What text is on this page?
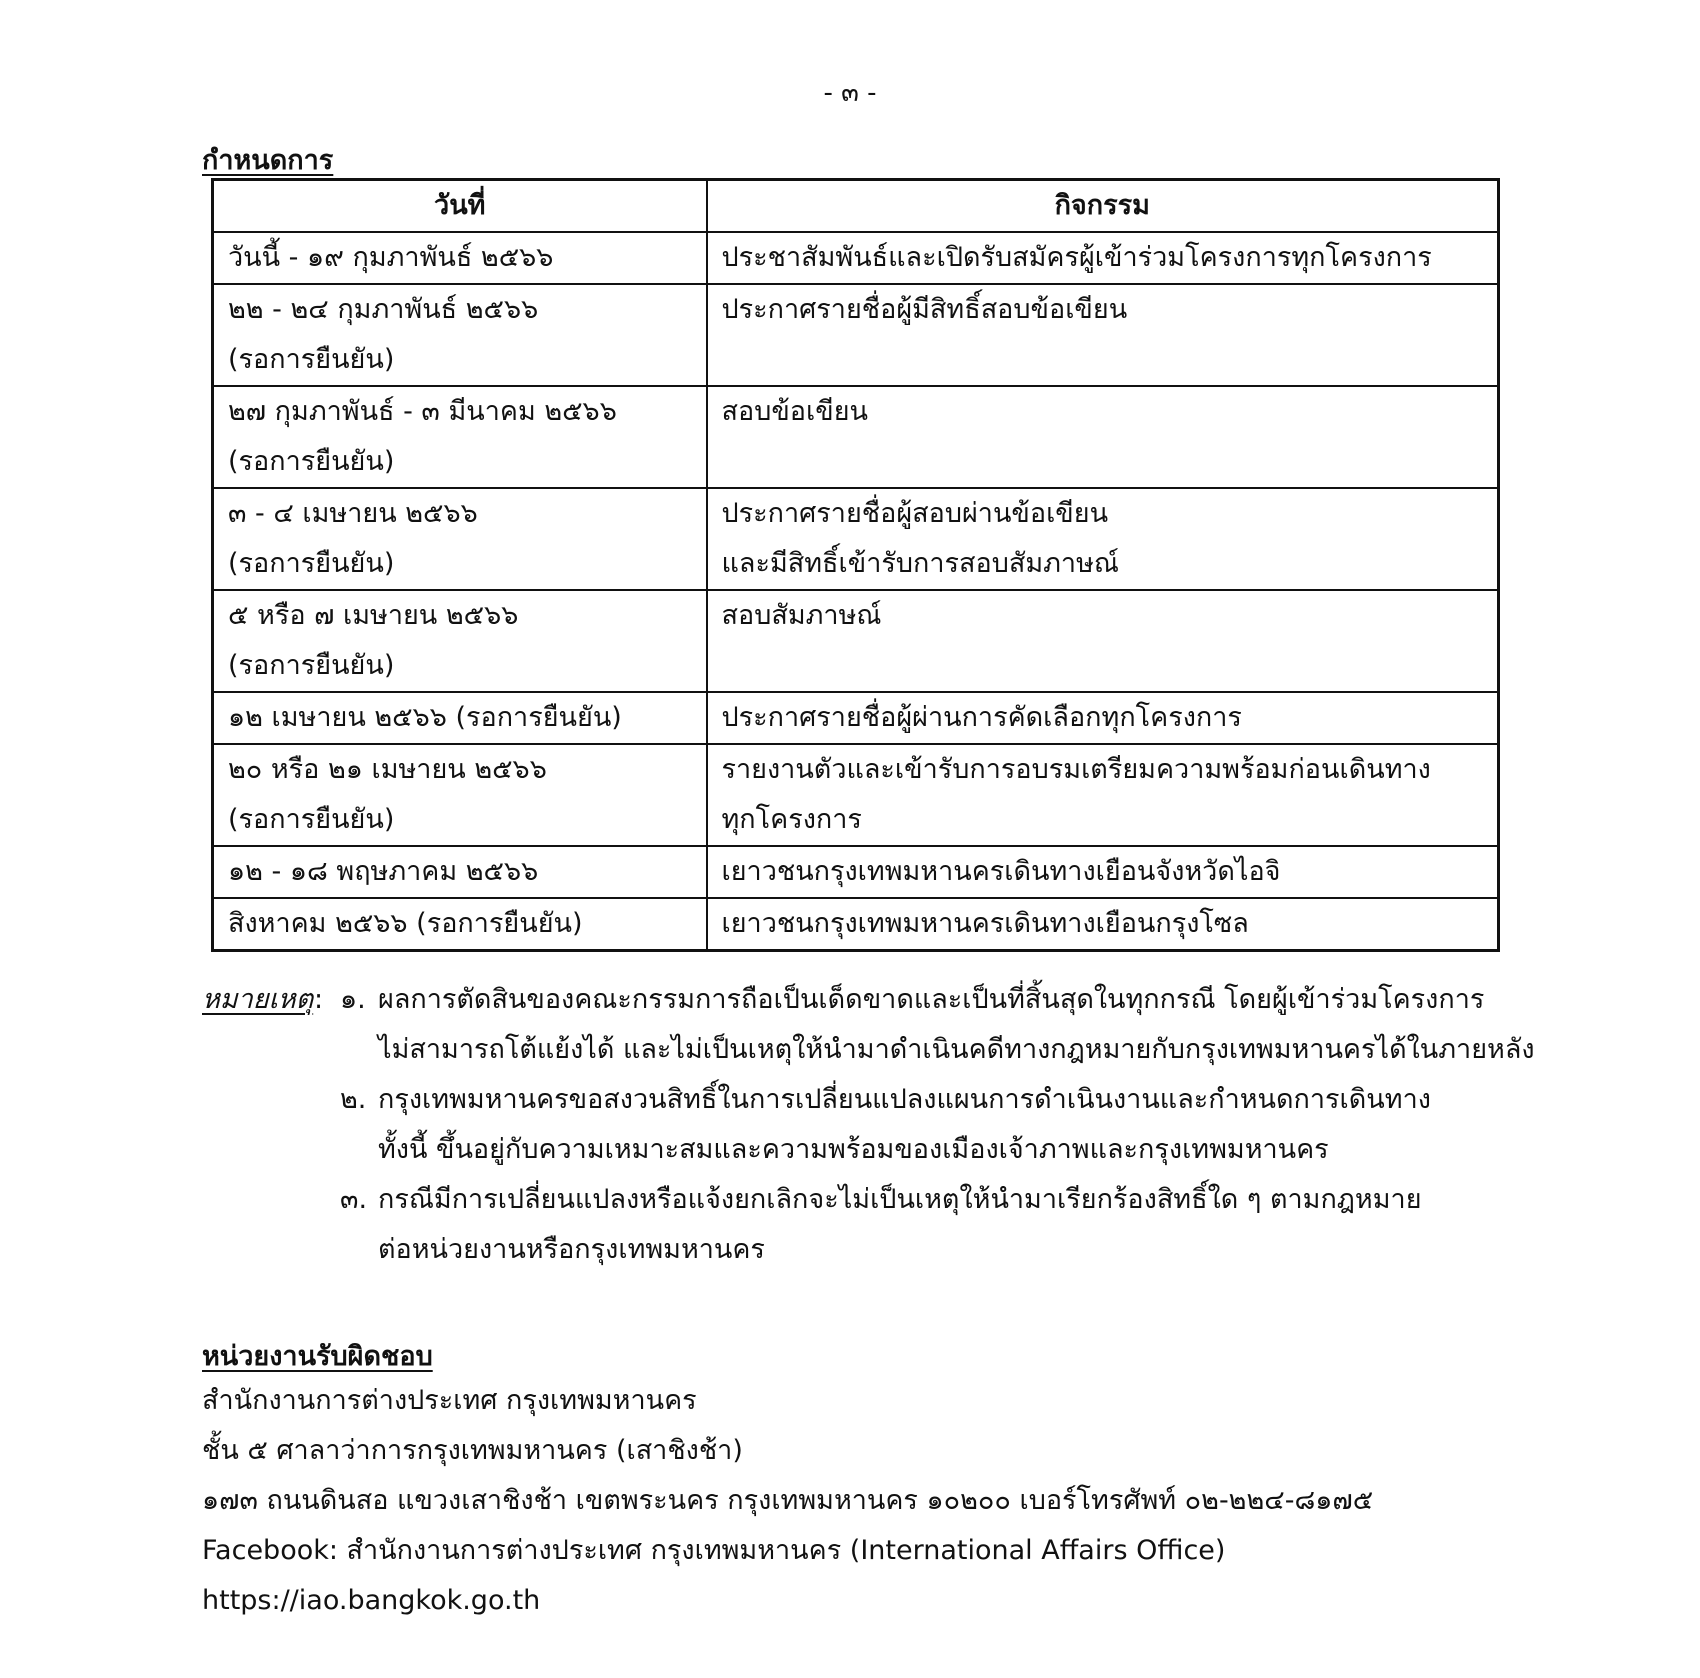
- ๓ -
กำหนดการ
วันที่	กิจกรรม

วันนี้ - ๑๙ กุมภาพันธ์ ๒๕๖๖	ประชาสัมพันธ์และเปิดรับสมัครผู้เข้าร่วมโครงการทุกโครงการ

๒๒ - ๒๔ กุมภาพันธ์ ๒๕๖๖
(รอการยืนยัน)	ประกาศรายชื่อผู้มีสิทธิ์สอบข้อเขียน

๒๗ กุมภาพันธ์ - ๓ มีนาคม ๒๕๖๖
(รอการยืนยัน)	สอบข้อเขียน

๓ - ๔ เมษายน ๒๕๖๖
(รอการยืนยัน)	ประกาศรายชื่อผู้สอบผ่านข้อเขียน
และมีสิทธิ์เข้ารับการสอบสัมภาษณ์

๕ หรือ ๗ เมษายน ๒๕๖๖
(รอการยืนยัน)	สอบสัมภาษณ์

๑๒ เมษายน ๒๕๖๖ (รอการยืนยัน)	ประกาศรายชื่อผู้ผ่านการคัดเลือกทุกโครงการ

๒๐ หรือ ๒๑ เมษายน ๒๕๖๖
(รอการยืนยัน)	รายงานตัวและเข้ารับการอบรมเตรียมความพร้อมก่อนเดินทาง
ทุกโครงการ

๑๒ - ๑๘ พฤษภาคม ๒๕๖๖	เยาวชนกรุงเทพมหานครเดินทางเยือนจังหวัดไอจิ

สิงหาคม ๒๕๖๖ (รอการยืนยัน)	เยาวชนกรุงเทพมหานครเดินทางเยือนกรุงโซล
หมายเหตุ : ๑. ผลการตัดสินของคณะกรรมการถือเป็นเด็ดขาดและเป็นที่สิ้นสุดในทุกกรณี โดยผู้เข้าร่วมโครงการ
ไม่สามารถโต้แย้งได้ และไม่เป็นเหตุให้นำมาดำเนินคดีทางกฎหมายกับกรุงเทพมหานครได้ในภายหลัง
๒. กรุงเทพมหานครขอสงวนสิทธิ์ในการเปลี่ยนแปลงแผนการดำเนินงานและกำหนดการเดินทาง
ทั้งนี้ ขึ้นอยู่กับความเหมาะสมและความพร้อมของเมืองเจ้าภาพและกรุงเทพมหานคร
๓. กรณีมีการเปลี่ยนแปลงหรือแจ้งยกเลิกจะไม่เป็นเหตุให้นำมาเรียกร้องสิทธิ์ใด ๆ ตามกฎหมาย
ต่อหน่วยงานหรือกรุงเทพมหานคร
หน่วยงานรับผิดชอบ
สำนักงานการต่างประเทศ กรุงเทพมหานคร
ชั้น ๕ ศาลาว่าการกรุงเทพมหานคร (เสาชิงช้า)
๑๗๓ ถนนดินสอ แขวงเสาชิงช้า เขตพระนคร กรุงเทพมหานคร ๑๐๒๐๐ เบอร์โทรศัพท์ ๐๒-๒๒๔-๘๑๗๕
Facebook: สำนักงานการต่างประเทศ กรุงเทพมหานคร (International Affairs Office)
https://iao.bangkok.go.th
